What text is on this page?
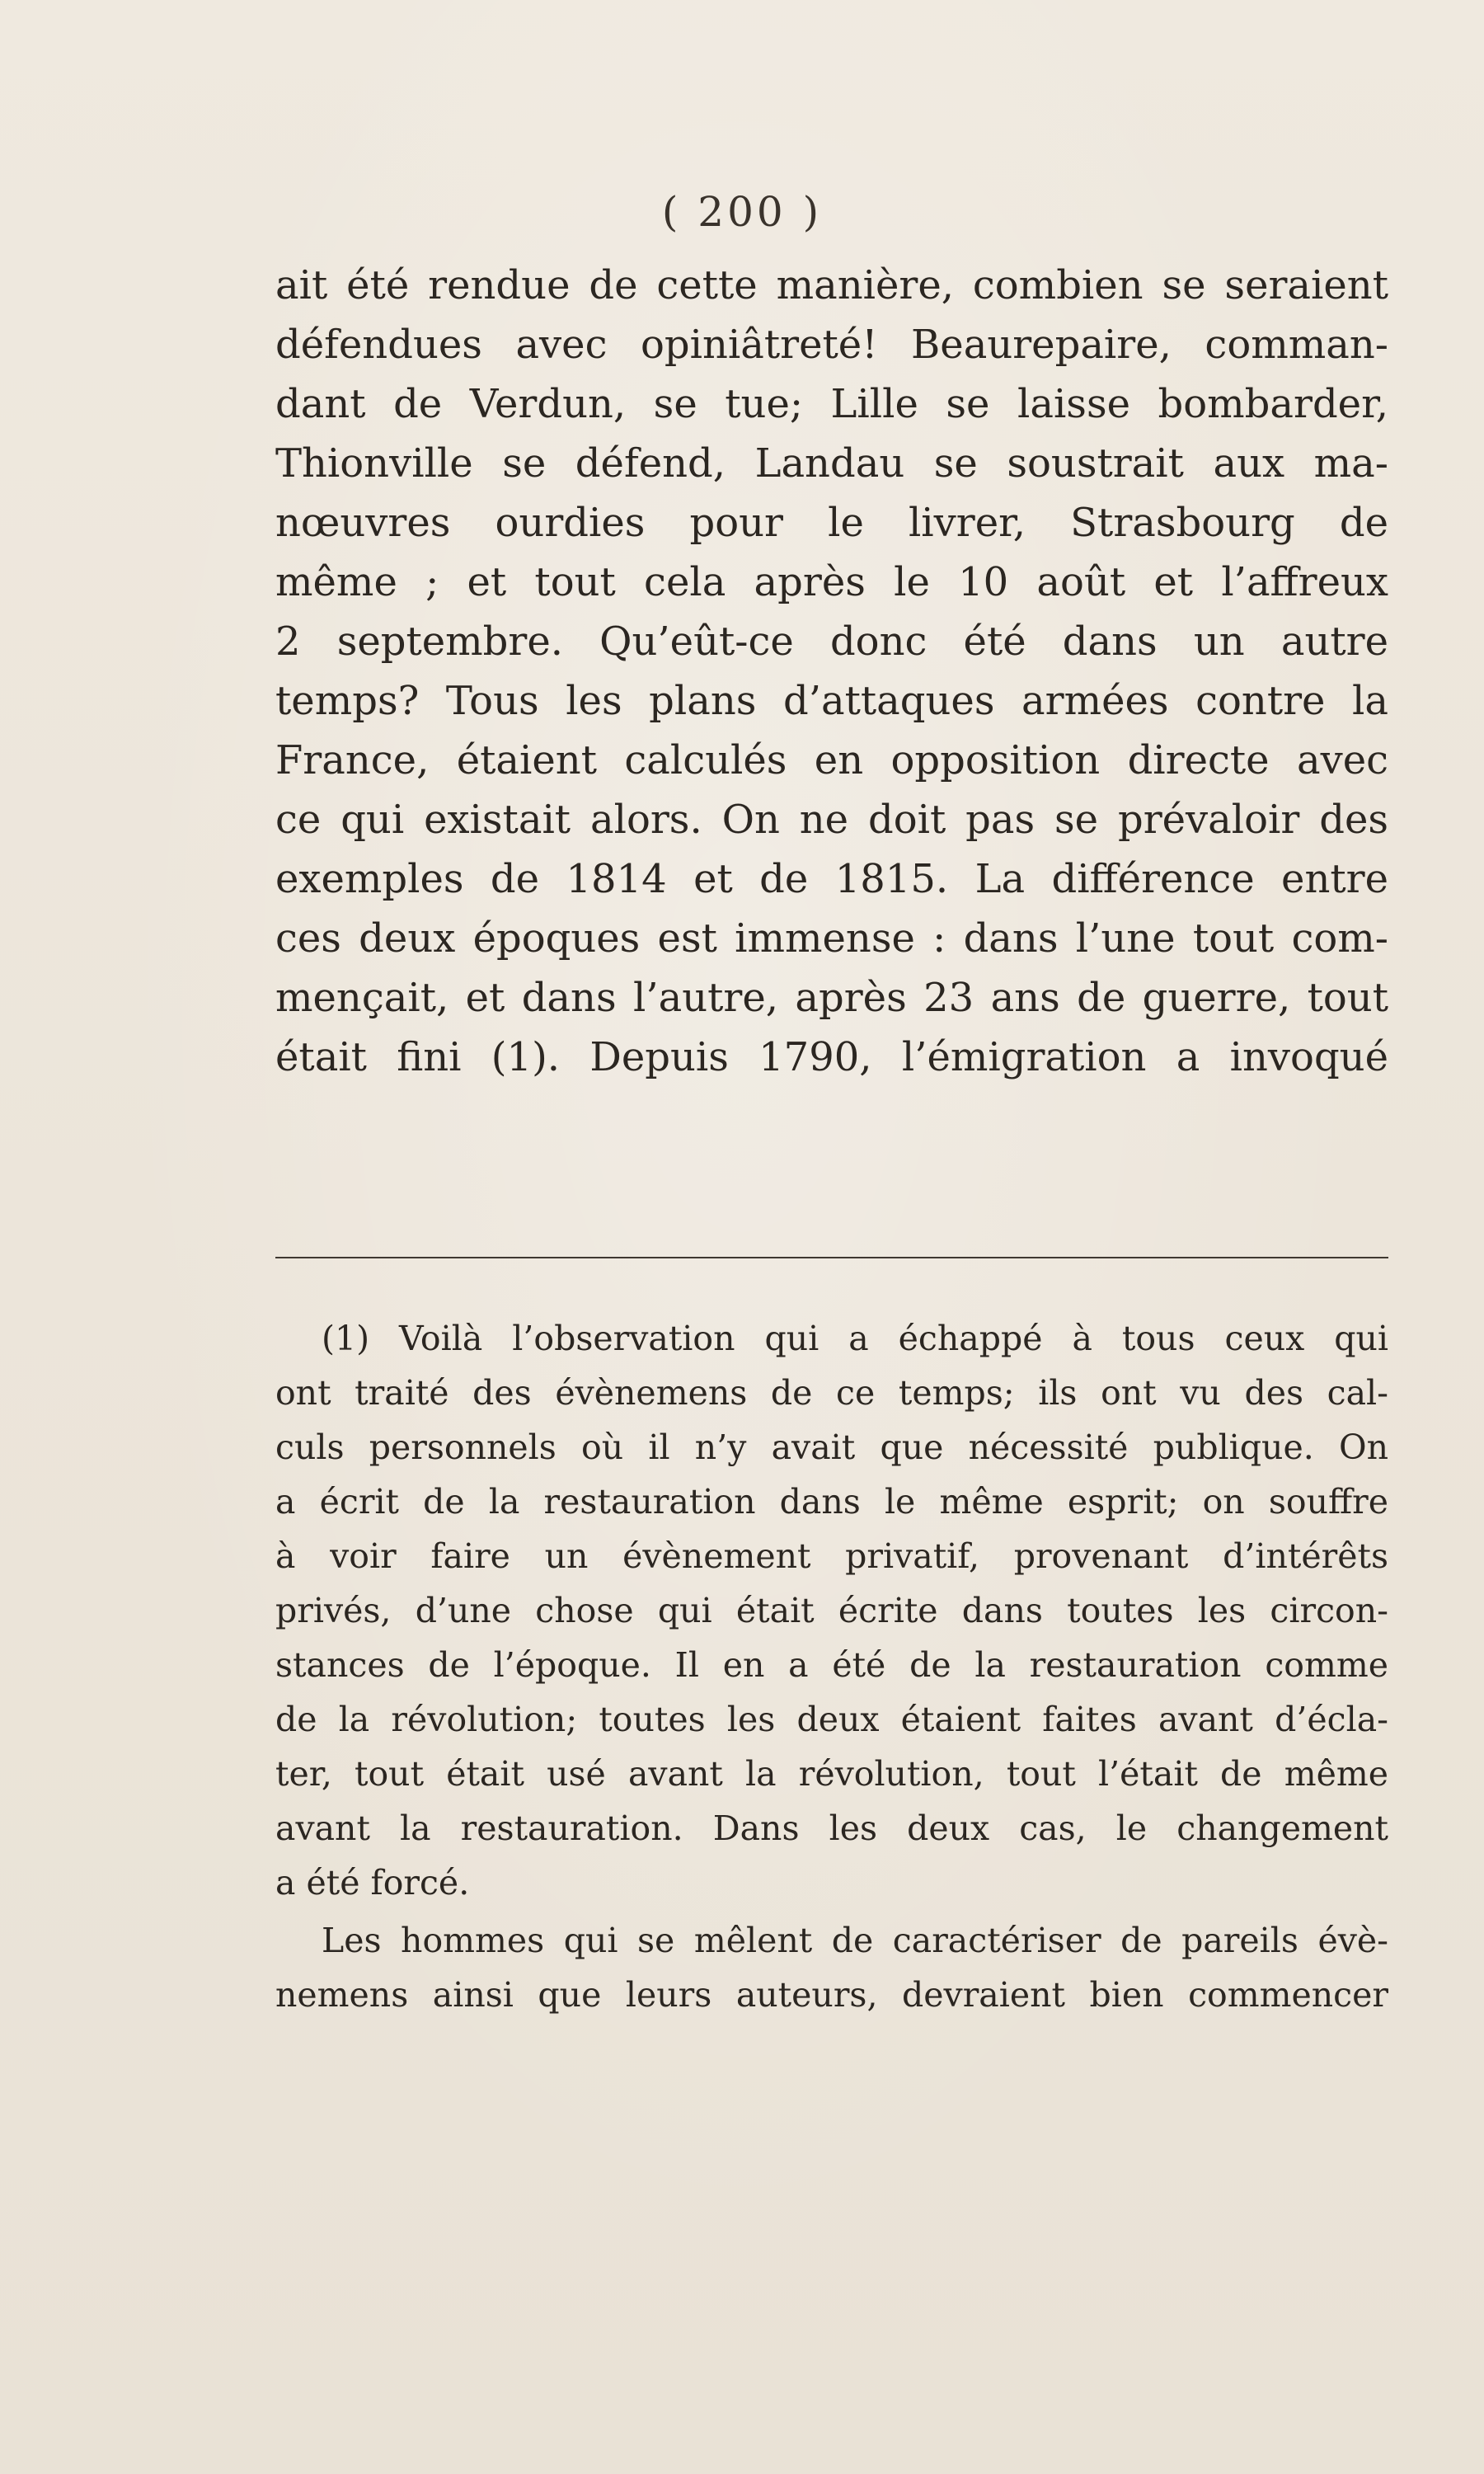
( 200 )
ait été rendue de cette manière, combien se seraient
défendues avec opiniâtreté! Beaurepaire, comman-
dant de Verdun, se tue; Lille se laisse bombarder,
Thionville se défend, Landau se soustrait aux ma-
nœuvres ourdies pour le livrer, Strasbourg de
même ; et tout cela après le 10 août et l’affreux
2 septembre. Qu’eût-ce donc été dans un autre
temps? Tous les plans d’attaques armées contre la
France, étaient calculés en opposition directe avec
ce qui existait alors. On ne doit pas se prévaloir des
exemples de 1814 et de 1815. La différence entre
ces deux époques est immense : dans l’une tout com-
mençait, et dans l’autre, après 23 ans de guerre, tout
était fini (1). Depuis 1790, l’émigration a invoqué
(1) Voilà l’observation qui a échappé à tous ceux qui
ont traité des évènemens de ce temps; ils ont vu des cal-
culs personnels où il n’y avait que nécessité publique. On
a écrit de la restauration dans le même esprit; on souffre
à voir faire un évènement privatif, provenant d’intérêts
privés, d’une chose qui était écrite dans toutes les circon-
stances de l’époque. Il en a été de la restauration comme
de la révolution; toutes les deux étaient faites avant d’écla-
ter, tout était usé avant la révolution, tout l’était de même
avant la restauration. Dans les deux cas, le changement
a été forcé.
Les hommes qui se mêlent de caractériser de pareils évè-
nemens ainsi que leurs auteurs, devraient bien commencer
